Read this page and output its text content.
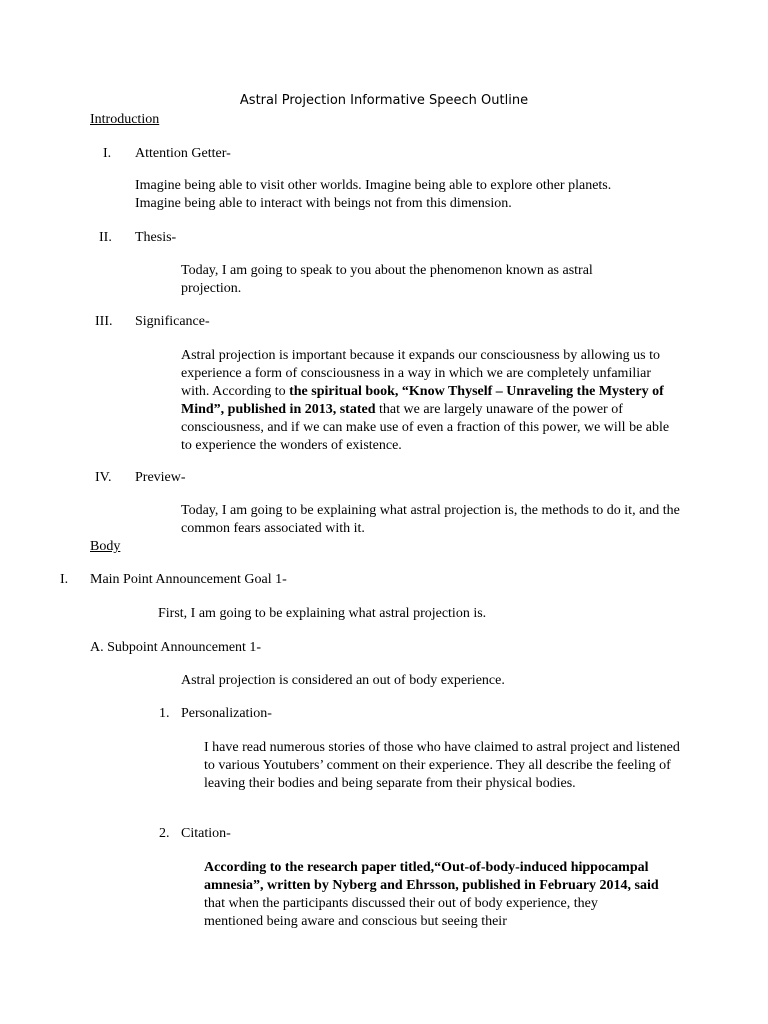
Astral Projection Informative Speech Outline

Introduction

I. Attention Getter-

Imagine being able to visit other worlds. Imagine being able to explore other planets. Imagine being able to interact with beings not from this dimension.

II. Thesis-

Today, I am going to speak to you about the phenomenon known as astral projection.

III. Significance-

Astral projection is important because it expands our consciousness by allowing us to experience a form of consciousness in a way in which we are completely unfamiliar with. According to the spiritual book, “Know Thyself – Unraveling the Mystery of Mind”, published in 2013, stated that we are largely unaware of the power of consciousness, and if we can make use of even a fraction of this power, we will be able to experience the wonders of existence.

IV. Preview-

Today, I am going to be explaining what astral projection is, the methods to do it, and the common fears associated with it.

Body

I. Main Point Announcement Goal 1-

First, I am going to be explaining what astral projection is.

A. Subpoint Announcement 1-

Astral projection is considered an out of body experience.

1. Personalization-

I have read numerous stories of those who have claimed to astral project and listened to various Youtubers’ comment on their experience. They all describe the feeling of leaving their bodies and being separate from their physical bodies.

2. Citation-

According to the research paper titled,“Out-of-body-induced hippocampal amnesia”, written by Nyberg and Ehrsson, published in February 2014, said that when the participants discussed their out of body experience, they mentioned being aware and conscious but seeing their
